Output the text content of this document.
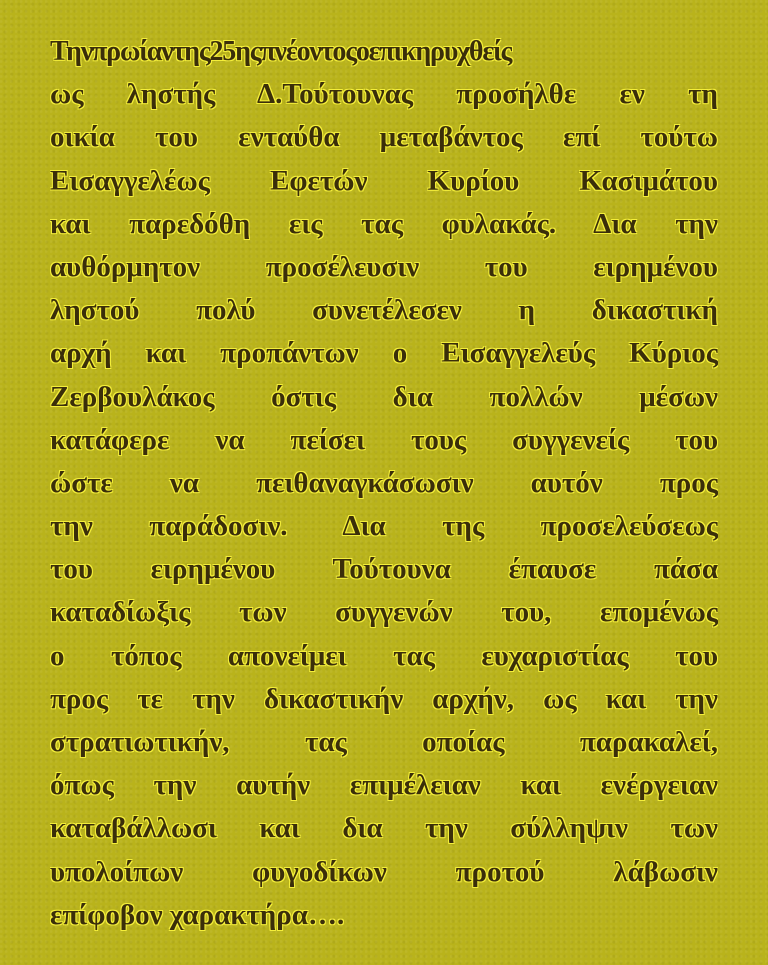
Τηνπρωίαντης25ηςπνέοντοςοεπικηρυχθείς
ως ληστής Δ.Τούτουνας προσήλθε εν τη
οικία του ενταύθα μεταβάντος επί τούτω
Εισαγγελέως Εφετών Κυρίου Κασιμάτου
και παρεδόθη εις τας φυλακάς. Δια την
αυθόρμητον προσέλευσιν του ειρημένου
ληστού πολύ συνετέλεσεν η δικαστική
αρχή και προπάντων ο Εισαγγελεύς Κύριος
Ζερβουλάκος όστις δια πολλών μέσων
κατάφερε να πείσει τους συγγενείς του
ώστε να πειθαναγκάσωσιν αυτόν προς
την παράδοσιν. Δια της προσελεύσεως
του ειρημένου Τούτουνα έπαυσε πάσα
καταδίωξις των συγγενών του, επομένως
ο τόπος απονείμει τας ευχαριστίας του
προς τε την δικαστικήν αρχήν, ως και την
στρατιωτικήν, τας οποίας παρακαλεί,
όπως την αυτήν επιμέλειαν και ενέργειαν
καταβάλλωσι και δια την σύλληψιν των
υπολοίπων φυγοδίκων προτού λάβωσιν
επίφοβον χαρακτήρα….
